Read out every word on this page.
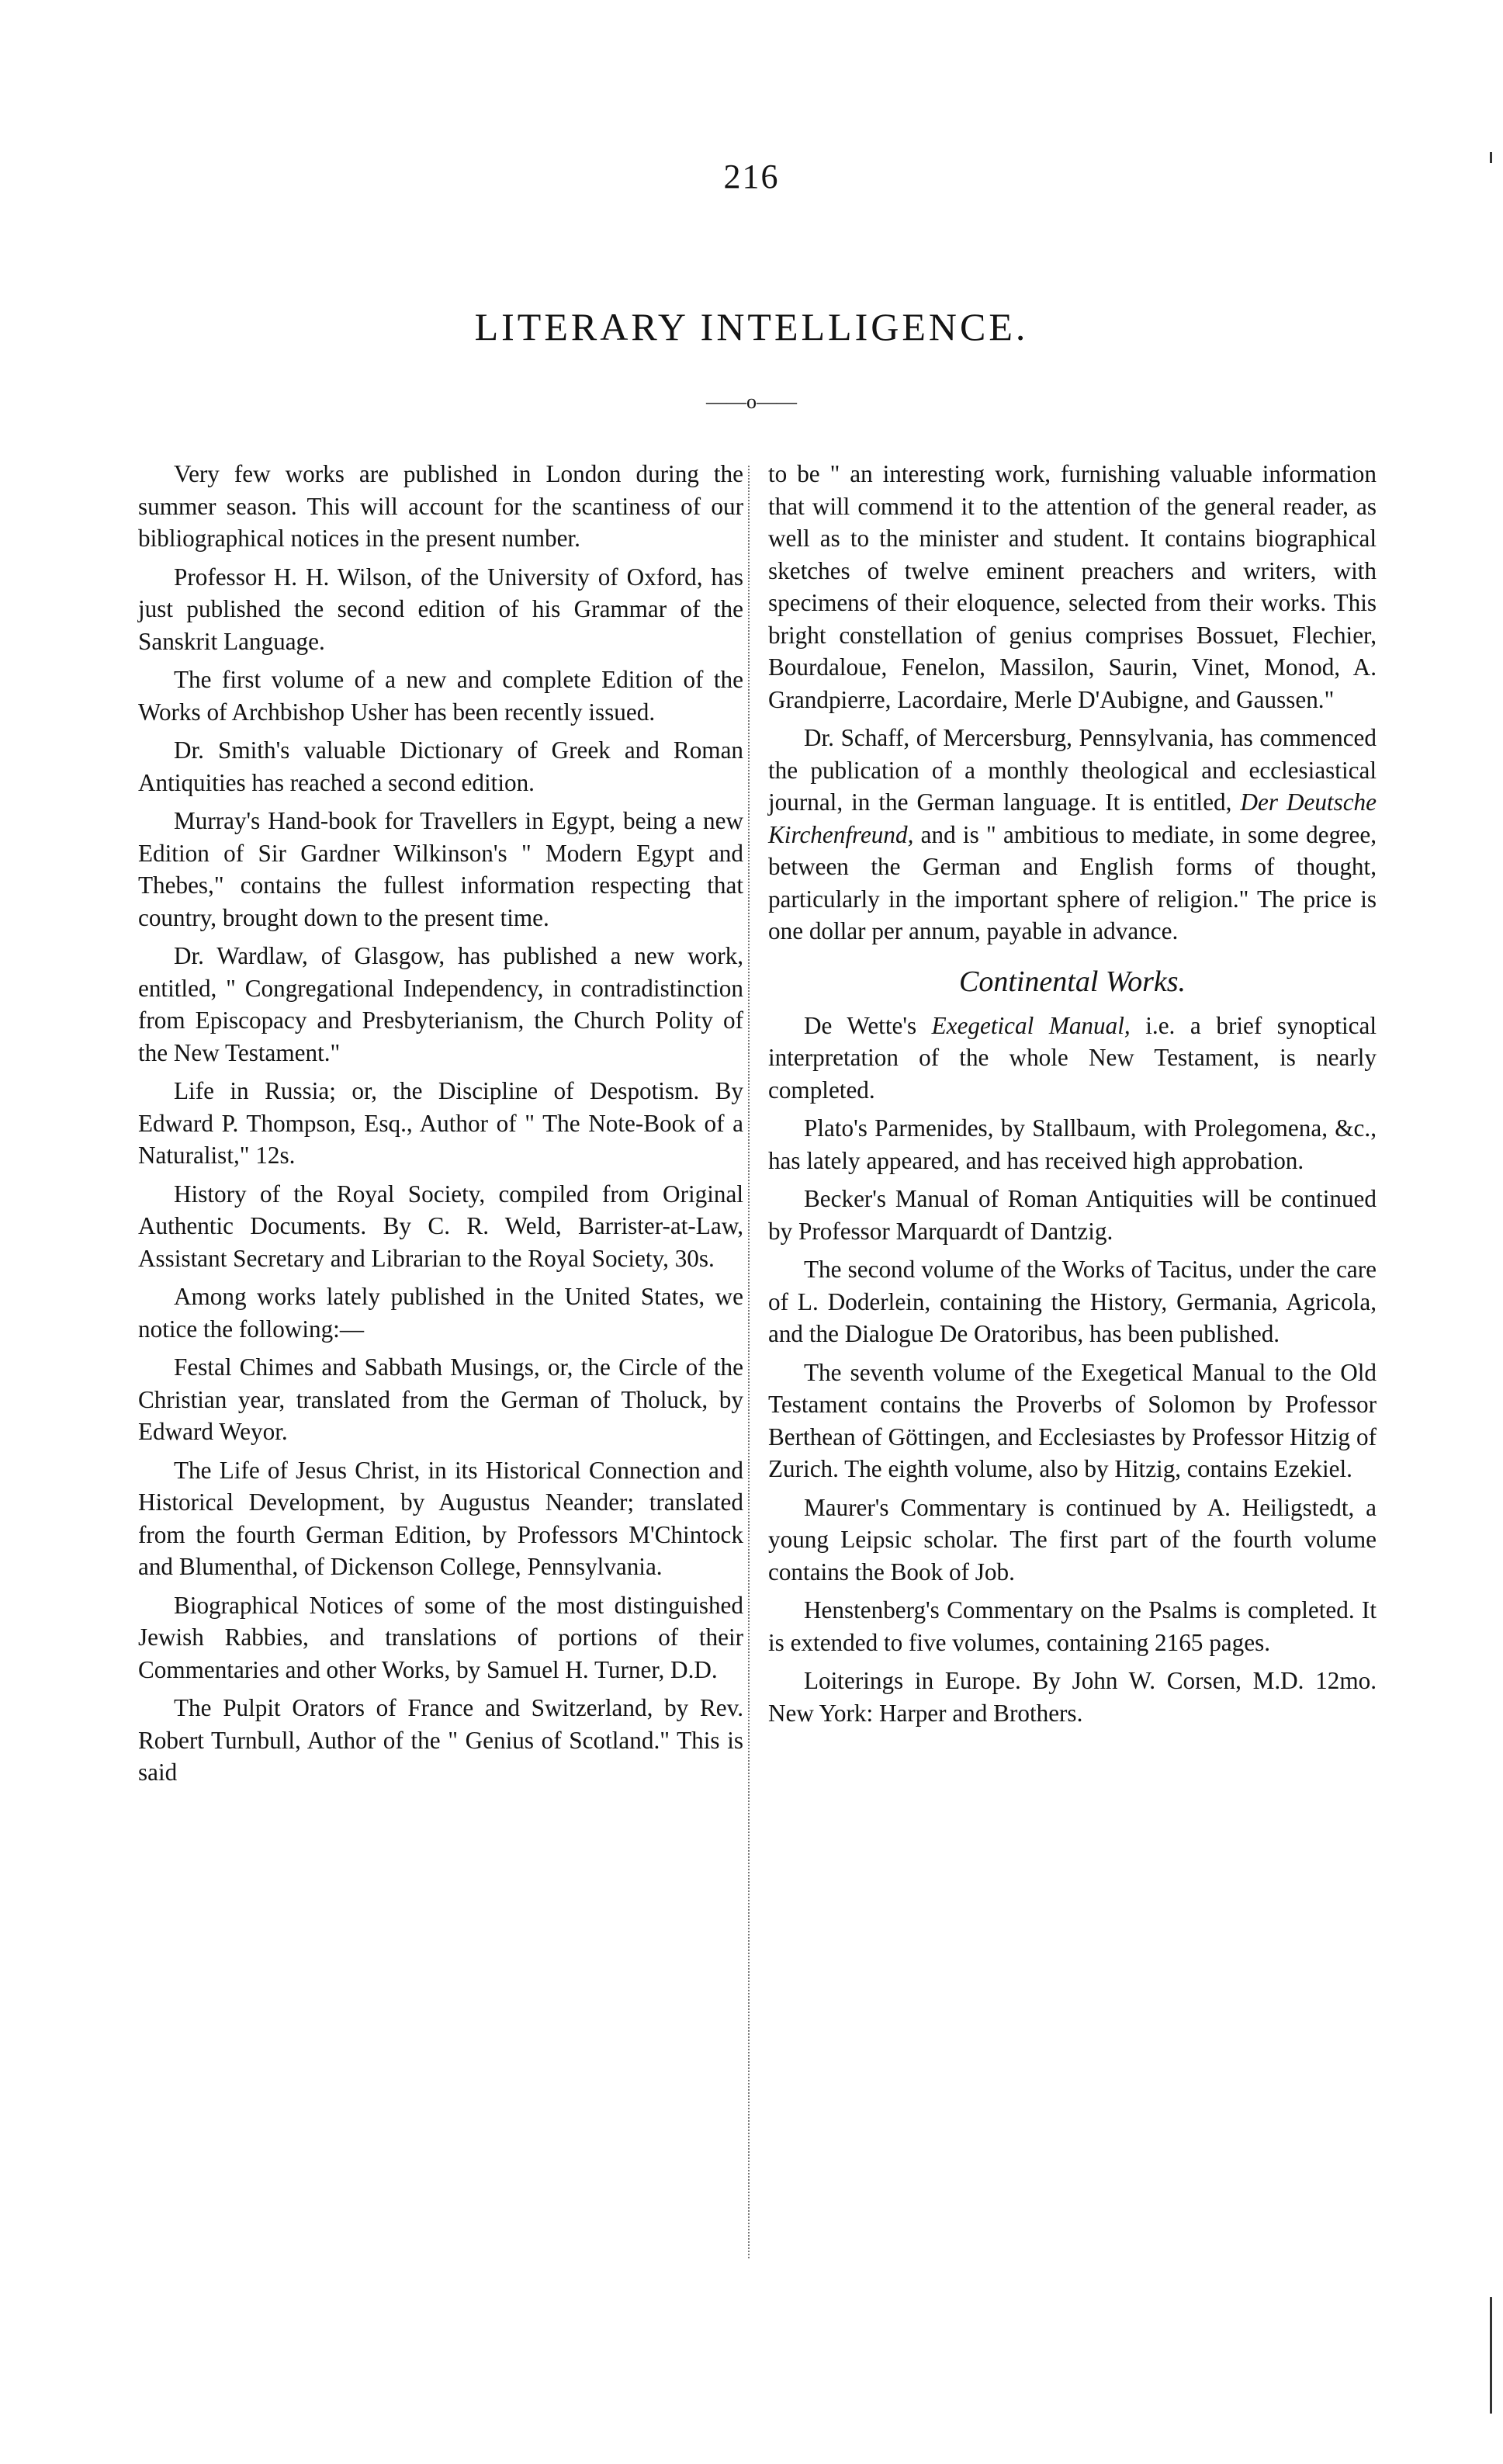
216
LITERARY INTELLIGENCE.
——o——

Very few works are published in London during the summer season. This will account for the scantiness of our bibliographical notices in the present number.

Professor H. H. Wilson, of the University of Oxford, has just published the second edition of his Grammar of the Sanskrit Language.

The first volume of a new and complete Edition of the Works of Archbishop Usher has been recently issued.

Dr. Smith's valuable Dictionary of Greek and Roman Antiquities has reached a second edition.

Murray's Hand-book for Travellers in Egypt, being a new Edition of Sir Gardner Wilkinson's " Modern Egypt and Thebes," contains the fullest information respecting that country, brought down to the present time.

Dr. Wardlaw, of Glasgow, has published a new work, entitled, " Congregational Independency, in contradistinction from Episcopacy and Presbyterianism, the Church Polity of the New Testament."

Life in Russia; or, the Discipline of Despotism. By Edward P. Thompson, Esq., Author of " The Note-Book of a Naturalist," 12s.

History of the Royal Society, compiled from Original Authentic Documents. By C. R. Weld, Barrister-at-Law, Assistant Secretary and Librarian to the Royal Society, 30s.

Among works lately published in the United States, we notice the following:—

Festal Chimes and Sabbath Musings, or, the Circle of the Christian year, translated from the German of Tholuck, by Edward Weyor.

The Life of Jesus Christ, in its Historical Connection and Historical Development, by Augustus Neander; translated from the fourth German Edition, by Professors M'Chintock and Blumenthal, of Dickenson College, Pennsylvania.

Biographical Notices of some of the most distinguished Jewish Rabbies, and translations of portions of their Commentaries and other Works, by Samuel H. Turner, D.D.

The Pulpit Orators of France and Switzerland, by Rev. Robert Turnbull, Author of the " Genius of Scotland." This is said

to be " an interesting work, furnishing valuable information that will commend it to the attention of the general reader, as well as to the minister and student. It contains biographical sketches of twelve eminent preachers and writers, with specimens of their eloquence, selected from their works. This bright constellation of genius comprises Bossuet, Flechier, Bourdaloue, Fenelon, Massilon, Saurin, Vinet, Monod, A. Grandpierre, Lacordaire, Merle D'Aubigne, and Gaussen."

Dr. Schaff, of Mercersburg, Pennsylvania, has commenced the publication of a monthly theological and ecclesiastical journal, in the German language. It is entitled, Der Deutsche Kirchenfreund, and is " ambitious to mediate, in some degree, between the German and English forms of thought, particularly in the important sphere of religion." The price is one dollar per annum, payable in advance.

Continental Works.

De Wette's Exegetical Manual, i.e. a brief synoptical interpretation of the whole New Testament, is nearly completed.

Plato's Parmenides, by Stallbaum, with Prolegomena, &c., has lately appeared, and has received high approbation.

Becker's Manual of Roman Antiquities will be continued by Professor Marquardt of Dantzig.

The second volume of the Works of Tacitus, under the care of L. Doderlein, containing the History, Germania, Agricola, and the Dialogue De Oratoribus, has been published.

The seventh volume of the Exegetical Manual to the Old Testament contains the Proverbs of Solomon by Professor Berthean of Göttingen, and Ecclesiastes by Professor Hitzig of Zurich. The eighth volume, also by Hitzig, contains Ezekiel.

Maurer's Commentary is continued by A. Heiligstedt, a young Leipsic scholar. The first part of the fourth volume contains the Book of Job.

Henstenberg's Commentary on the Psalms is completed. It is extended to five volumes, containing 2165 pages.

Loiterings in Europe. By John W. Corsen, M.D. 12mo. New York: Harper and Brothers.
